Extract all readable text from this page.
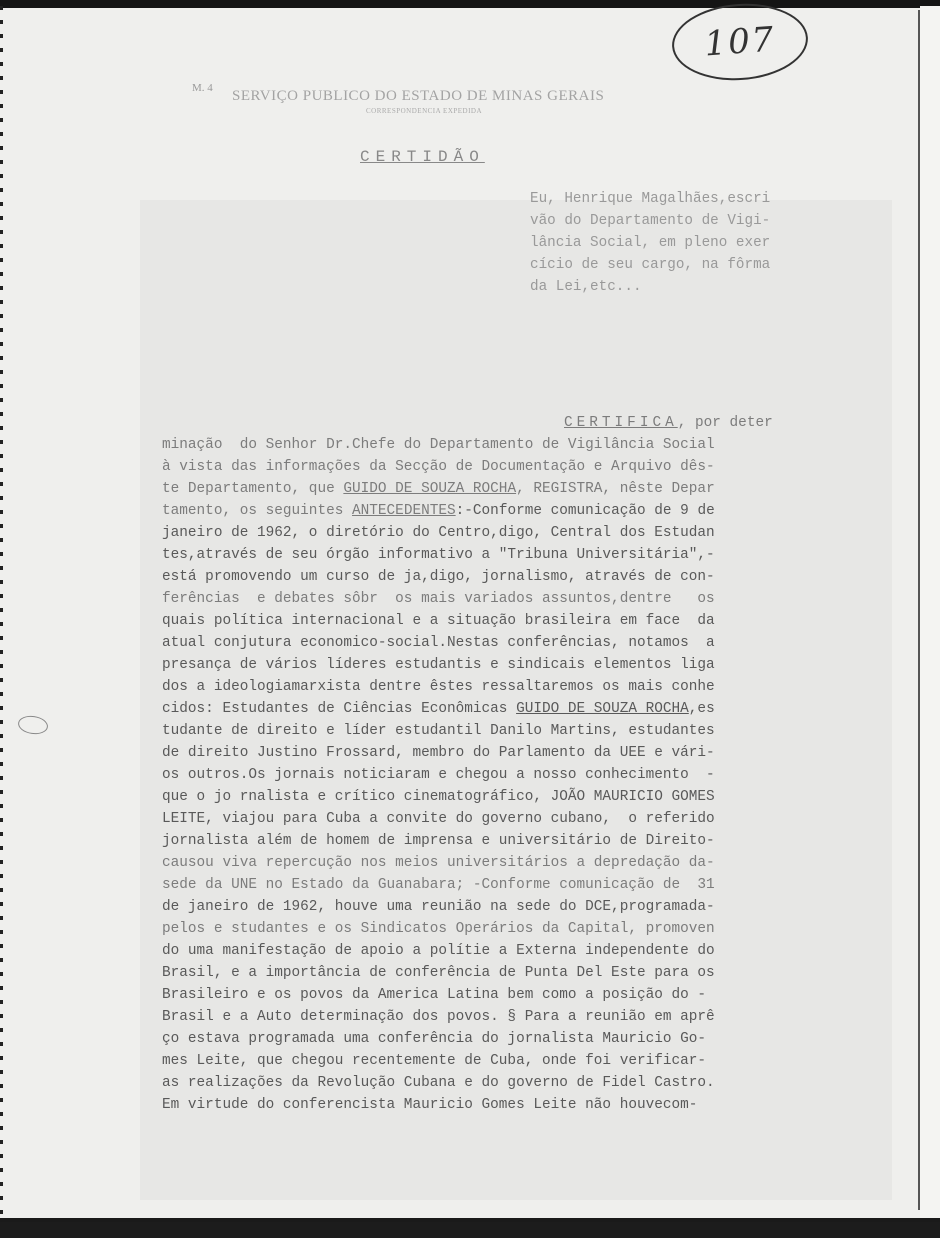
107
M. 4 SERVIÇO PUBLICO DO ESTADO DE MINAS GERAIS
CORRESPONDENCIA EXPEDIDA
CERTIDÃO
Eu, Henrique Magalhães,escri
vão do Departamento de Vigi-
lância Social, em pleno exer
cício de seu cargo, na fôrma
da Lei,etc...
CERTIFICA, por deter
minação  do Senhor Dr.Chefe do Departamento de Vigilância Social
à vista das informações da Secção de Documentação e Arquivo dês-
te Departamento, que GUIDO DE SOUZA ROCHA, REGISTRA, nêste Depar
tamento, os seguintes ANTECEDENTES:-Conforme comunicação de 9 de
janeiro de 1962, o diretório do Centro,digo, Central dos Estudan
tes,através de seu órgão informativo a "Tribuna Universitária",-
está promovendo um curso de ja,digo, jornalismo, através de con-
ferências  e debates sôbr  os mais variados assuntos,dentre   os
quais política internacional e a situação brasileira em face  da
atual conjutura economico-social.Nestas conferências, notamos  a
presança de vários líderes estudantis e sindicais elementos liga
dos a ideologiamarxista dentre êstes ressaltaremos os mais conhe
cidos: Estudantes de Ciências Econômicas GUIDO DE SOUZA ROCHA,es
tudante de direito e líder estudantil Danilo Martins, estudantes
de direito Justino Frossard, membro do Parlamento da UEE e vári-
os outros.Os jornais noticiaram e chegou a nosso conhecimento  -
que o jo rnalista e crítico cinematográfico, JOÃO MAURICIO GOMES
LEITE, viajou para Cuba a convite do governo cubano,  o referido
jornalista além de homem de imprensa e universitário de Direito-
causou viva repercução nos meios universitários a depredação da-
sede da UNE no Estado da Guanabara; -Conforme comunicação de  31
de janeiro de 1962, houve uma reunião na sede do DCE,programada-
pelos e studantes e os Sindicatos Operários da Capital, promoven
do uma manifestação de apoio a polítie a Externa independente do
Brasil, e a importância de conferência de Punta Del Este para os
Brasileiro e os povos da America Latina bem como a posição do -
Brasil e a Auto determinação dos povos. § Para a reunião em aprê
ço estava programada uma conferência do jornalista Mauricio Go-
mes Leite, que chegou recentemente de Cuba, onde foi verificar-
as realizações da Revolução Cubana e do governo de Fidel Castro.
Em virtude do conferencista Mauricio Gomes Leite não houvecom-
